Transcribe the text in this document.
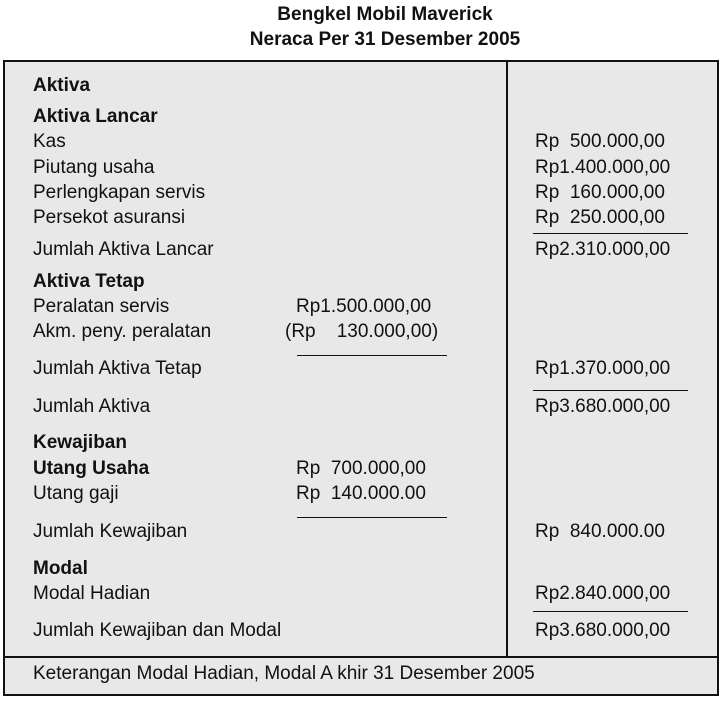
Bengkel Mobil Maverick
Neraca Per 31 Desember 2005
Aktiva
Aktiva Lancar
Kas	Rp  500.000,00
Piutang usaha	Rp1.400.000,00
Perlengkapan servis	Rp  160.000,00
Persekot asuransi	Rp  250.000,00
Jumlah Aktiva Lancar	Rp2.310.000,00
Aktiva Tetap
Peralatan servis	Rp1.500.000,00
Akm. peny. peralatan	(Rp    130.000,00)
Jumlah Aktiva Tetap	Rp1.370.000,00
Jumlah Aktiva	Rp3.680.000,00
Kewajiban
Utang Usaha	Rp  700.000,00
Utang gaji	Rp  140.000.00
Jumlah Kewajiban	Rp  840.000.00
Modal
Modal Hadian	Rp2.840.000,00
Jumlah Kewajiban dan Modal	Rp3.680.000,00
Keterangan Modal Hadian, Modal A khir 31 Desember 2005
